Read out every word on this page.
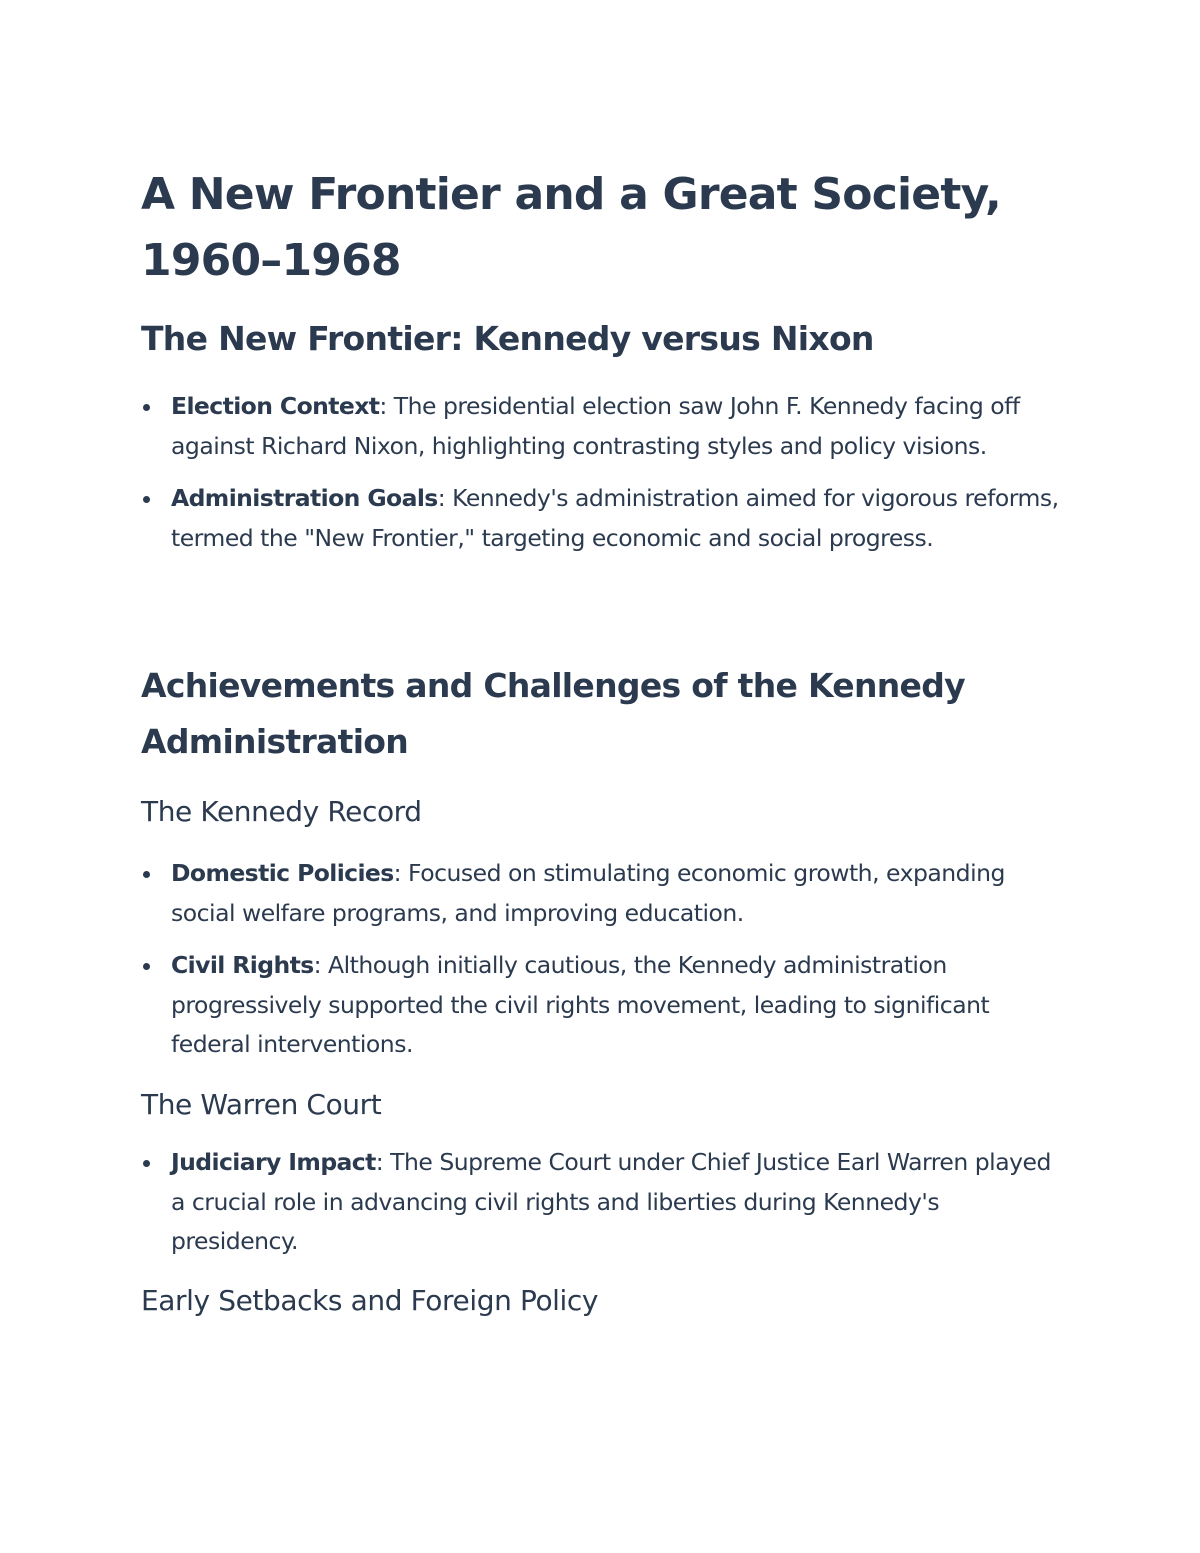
A New Frontier and a Great Society, 1960–1968
The New Frontier: Kennedy versus Nixon
Election Context: The presidential election saw John F. Kennedy facing off against Richard Nixon, highlighting contrasting styles and policy visions.
Administration Goals: Kennedy's administration aimed for vigorous reforms, termed the "New Frontier," targeting economic and social progress.
Achievements and Challenges of the Kennedy Administration
The Kennedy Record
Domestic Policies: Focused on stimulating economic growth, expanding social welfare programs, and improving education.
Civil Rights: Although initially cautious, the Kennedy administration progressively supported the civil rights movement, leading to significant federal interventions.
The Warren Court
Judiciary Impact: The Supreme Court under Chief Justice Earl Warren played a crucial role in advancing civil rights and liberties during Kennedy's presidency.
Early Setbacks and Foreign Policy
